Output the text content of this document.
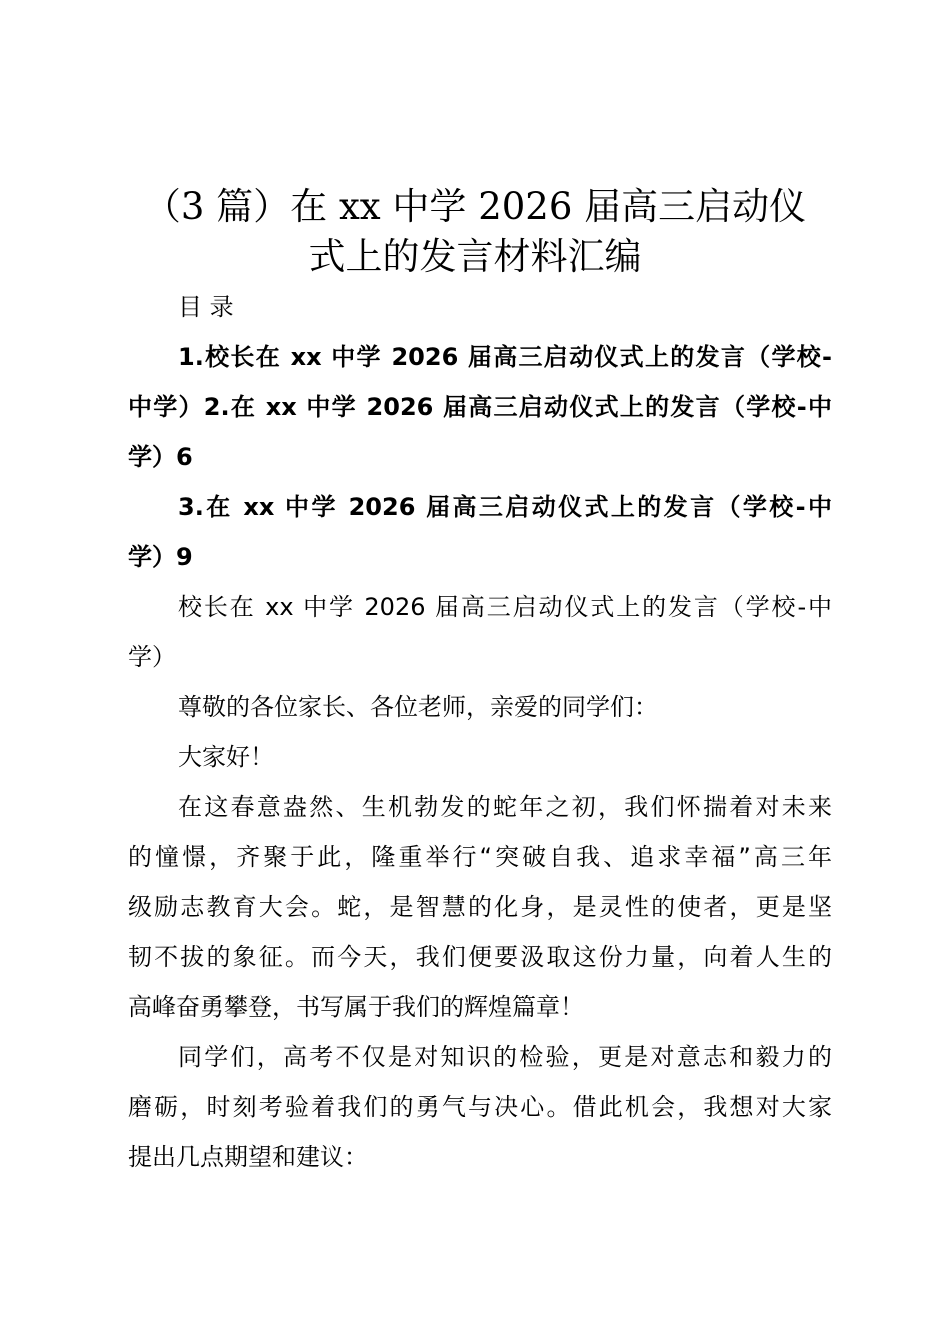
（3 篇）在 xx 中学 2026 届高三启动仪
式上的发言材料汇编
目 录
1.校长在 xx 中学 2026 届高三启动仪式上的发言（学校-
中学）2.在 xx 中学 2026 届高三启动仪式上的发言（学校-中
学）6
3.在 xx 中学 2026 届高三启动仪式上的发言（学校-中
学）9
校长在 xx 中学 2026 届高三启动仪式上的发言（学校-中
学）
尊敬的各位家长、各位老师，亲爱的同学们：
大家好！
在这春意盎然、生机勃发的蛇年之初，我们怀揣着对未来
的憧憬，齐聚于此，隆重举行“突破自我、追求幸福”高三年
级励志教育大会。蛇，是智慧的化身，是灵性的使者，更是坚
韧不拔的象征。而今天，我们便要汲取这份力量，向着人生的
高峰奋勇攀登，书写属于我们的辉煌篇章！
同学们，高考不仅是对知识的检验，更是对意志和毅力的
磨砺，时刻考验着我们的勇气与决心。借此机会，我想对大家
提出几点期望和建议：
